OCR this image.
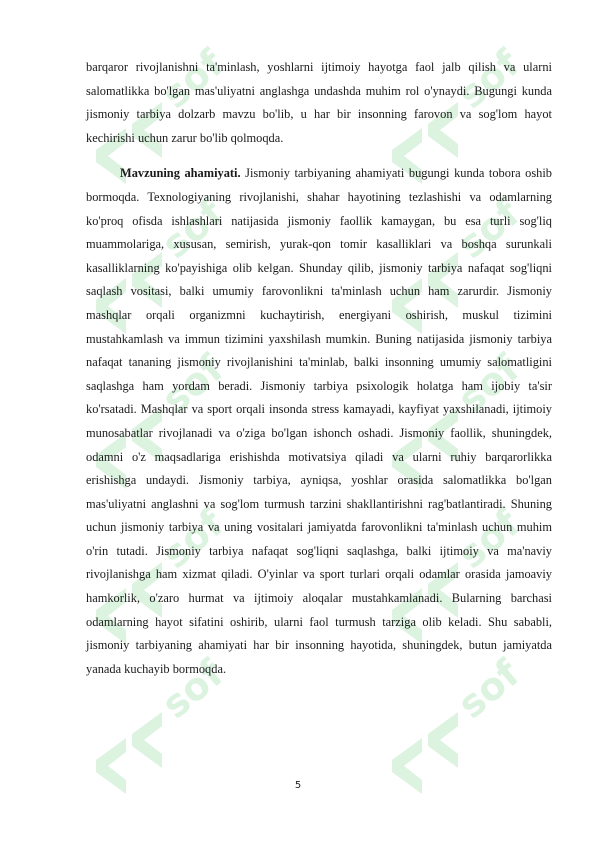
barqaror rivojlanishni ta'minlash, yoshlarni ijtimoiy hayotga faol jalb qilish va ularni salomatlikka bo'lgan mas'uliyatni anglashga undashda muhim rol o'ynaydi. Bugungi kunda jismoniy tarbiya dolzarb mavzu bo'lib, u har bir insonning farovon va sog'lom hayot kechirishi uchun zarur bo'lib qolmoqda.

Mavzuning ahamiyati. Jismoniy tarbiyaning ahamiyati bugungi kunda tobora oshib bormoqda. Texnologiyaning rivojlanishi, shahar hayotining tezlashishi va odamlarning ko'proq ofisda ishlashlari natijasida jismoniy faollik kamaygan, bu esa turli sog'liq muammolariga, xususan, semirish, yurak-qon tomir kasalliklari va boshqa surunkali kasalliklarning ko'payishiga olib kelgan. Shunday qilib, jismoniy tarbiya nafaqat sog'liqni saqlash vositasi, balki umumiy farovonlikni ta'minlash uchun ham zarurdir. Jismoniy mashqlar orqali organizmni kuchaytirish, energiyani oshirish, muskul tizimini mustahkamlash va immun tizimini yaxshilash mumkin. Buning natijasida jismoniy tarbiya nafaqat tananing jismoniy rivojlanishini ta'minlab, balki insonning umumiy salomatligini saqlashga ham yordam beradi. Jismoniy tarbiya psixologik holatga ham ijobiy ta'sir ko'rsatadi. Mashqlar va sport orqali insonda stress kamayadi, kayfiyat yaxshilanadi, ijtimoiy munosabatlar rivojlanadi va o'ziga bo'lgan ishonch oshadi. Jismoniy faollik, shuningdek, odamni o'z maqsadlariga erishishda motivatsiya qiladi va ularni ruhiy barqarorlikka erishishga undaydi. Jismoniy tarbiya, ayniqsa, yoshlar orasida salomatlikka bo'lgan mas'uliyatni anglashni va sog'lom turmush tarzini shakllantirishni rag'batlantiradi. Shuning uchun jismoniy tarbiya va uning vositalari jamiyatda farovonlikni ta'minlash uchun muhim o'rin tutadi. Jismoniy tarbiya nafaqat sog'liqni saqlashga, balki ijtimoiy va ma'naviy rivojlanishga ham xizmat qiladi. O'yinlar va sport turlari orqali odamlar orasida jamoaviy hamkorlik, o'zaro hurmat va ijtimoiy aloqalar mustahkamlanadi. Bularning barchasi odamlarning hayot sifatini oshirib, ularni faol turmush tarziga olib keladi. Shu sababli, jismoniy tarbiyaning ahamiyati har bir insonning hayotida, shuningdek, butun jamiyatda yanada kuchayib bormoqda.

5
